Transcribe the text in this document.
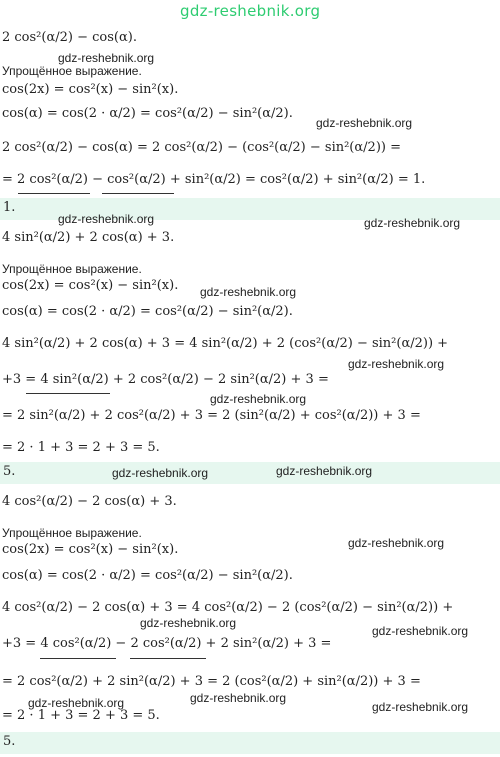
gdz-reshebnik.org
2 cos²(α/2) − cos(α).
gdz-reshebnik.org
Упрощённое выражение.
cos(2x) = cos²(x) − sin²(x).
cos(α) = cos(2 · α/2) = cos²(α/2) − sin²(α/2).
gdz-reshebnik.org
2 cos²(α/2) − cos(α) = 2 cos²(α/2) − (cos²(α/2) − sin²(α/2)) =
= 2 cos²(α/2) − cos²(α/2) + sin²(α/2) = cos²(α/2) + sin²(α/2) = 1.
1.
gdz-reshebnik.org	gdz-reshebnik.org
4 sin²(α/2) + 2 cos(α) + 3.
Упрощённое выражение.
cos(2x) = cos²(x) − sin²(x). gdz-reshebnik.org
cos(α) = cos(2 · α/2) = cos²(α/2) − sin²(α/2).
4 sin²(α/2) + 2 cos(α) + 3 = 4 sin²(α/2) + 2 (cos²(α/2) − sin²(α/2)) +
gdz-reshebnik.org
+3 = 4 sin²(α/2) + 2 cos²(α/2) − 2 sin²(α/2) + 3 =
gdz-reshebnik.org
= 2 sin²(α/2) + 2 cos²(α/2) + 3 = 2 (sin²(α/2) + cos²(α/2)) + 3 =
= 2 · 1 + 3 = 2 + 3 = 5.
5.	gdz-reshebnik.org	gdz-reshebnik.org
4 cos²(α/2) − 2 cos(α) + 3.
Упрощённое выражение.
gdz-reshebnik.org
cos(2x) = cos²(x) − sin²(x).
cos(α) = cos(2 · α/2) = cos²(α/2) − sin²(α/2).
4 cos²(α/2) − 2 cos(α) + 3 = 4 cos²(α/2) − 2 (cos²(α/2) − sin²(α/2)) +
gdz-reshebnik.org
gdz-reshebnik.org
+3 = 4 cos²(α/2) − 2 cos²(α/2) + 2 sin²(α/2) + 3 =
= 2 cos²(α/2) + 2 sin²(α/2) + 3 = 2 (cos²(α/2) + sin²(α/2)) + 3 =
gdz-reshebnik.org
gdz-reshebnik.org	gdz-reshebnik.org
= 2 · 1 + 3 = 2 + 3 = 5.
5.
